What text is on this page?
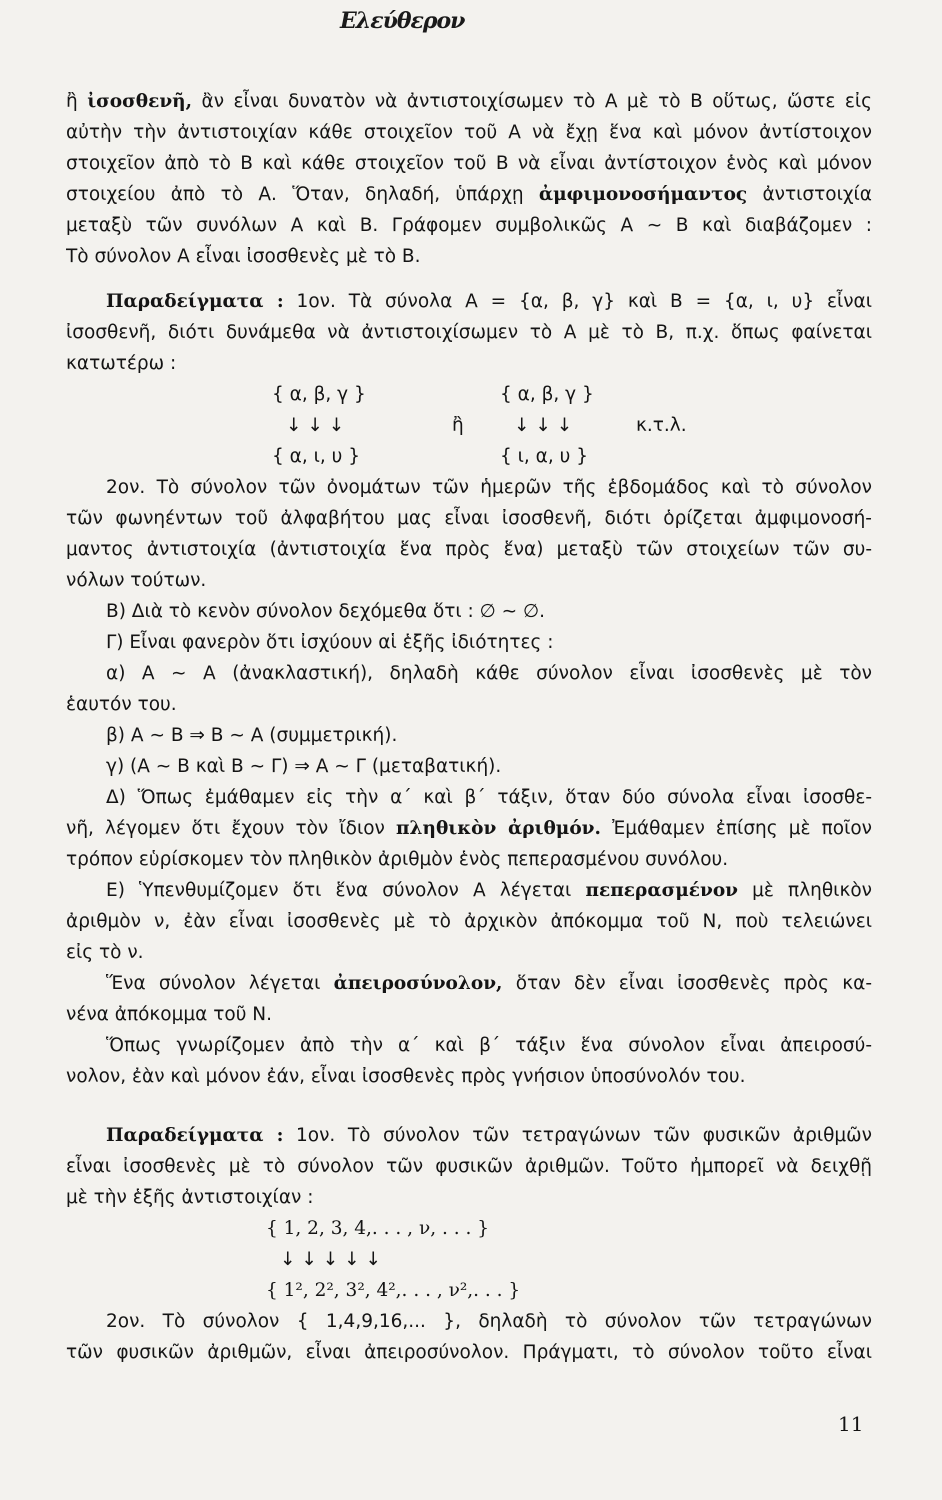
Ελεύθερον
ἢ ἰσοσθενῆ, ἂν εἶναι δυνατὸν νὰ ἀντιστοιχίσωμεν τὸ Α μὲ τὸ Β οὕτως, ὥστε εἰς
αὐτὴν τὴν ἀντιστοιχίαν κάθε στοιχεῖον τοῦ Α νὰ ἔχῃ ἕνα καὶ μόνον ἀντίστοιχον
στοιχεῖον ἀπὸ τὸ Β καὶ κάθε στοιχεῖον τοῦ Β νὰ εἶναι ἀντίστοιχον ἑνὸς καὶ μόνον
στοιχείου ἀπὸ τὸ Α. Ὅταν, δηλαδή, ὑπάρχῃ ἀμφιμονοσήμαντος ἀντιστοιχία
μεταξὺ τῶν συνόλων Α καὶ Β. Γράφομεν συμβολικῶς Α ∼ Β καὶ διαβάζομεν :
Τὸ σύνολον Α εἶναι ἰσοσθενὲς μὲ τὸ Β.
Παραδείγματα : 1ον. Τὰ σύνολα Α = {α, β, γ} καὶ Β = {α, ι, υ} εἶναι
ἰσοσθενῆ, διότι δυνάμεθα νὰ ἀντιστοιχίσωμεν τὸ Α μὲ τὸ Β, π.χ. ὅπως φαίνεται
κατωτέρω :
{ α, β, γ }	{ α, β, γ }
↓ ↓ ↓	ἢ	↓ ↓ ↓	κ.τ.λ.
{ α, ι, υ }	{ ι, α, υ }
2ον. Τὸ σύνολον τῶν ὀνομάτων τῶν ἡμερῶν τῆς ἑβδομάδος καὶ τὸ σύνολον
τῶν φωνηέντων τοῦ ἀλφαβήτου μας εἶναι ἰσοσθενῆ, διότι ὁρίζεται ἀμφιμονοσή-
μαντος ἀντιστοιχία (ἀντιστοιχία ἕνα πρὸς ἕνα) μεταξὺ τῶν στοιχείων τῶν συ-
νόλων τούτων.
Β) Διὰ τὸ κενὸν σύνολον δεχόμεθα ὅτι : ∅ ∼ ∅.
Γ) Εἶναι φανερὸν ὅτι ἰσχύουν αἱ ἑξῆς ἰδιότητες :
α) Α ∼ Α (ἀνακλαστική), δηλαδὴ κάθε σύνολον εἶναι ἰσοσθενὲς μὲ τὸν
ἑαυτόν του.
β) Α ∼ Β ⇒ Β ∼ Α (συμμετρική).
γ) (Α ∼ Β καὶ Β ∼ Γ) ⇒ Α ∼ Γ (μεταβατική).
Δ) Ὅπως ἐμάθαμεν εἰς τὴν α΄ καὶ β΄ τάξιν, ὅταν δύο σύνολα εἶναι ἰσοσθε-
νῆ, λέγομεν ὅτι ἔχουν τὸν ἴδιον πληθικὸν ἀριθμόν. Ἐμάθαμεν ἐπίσης μὲ ποῖον
τρόπον εὑρίσκομεν τὸν πληθικὸν ἀριθμὸν ἑνὸς πεπερασμένου συνόλου.
Ε) Ὑπενθυμίζομεν ὅτι ἕνα σύνολον Α λέγεται πεπερασμένον μὲ πληθικὸν
ἀριθμὸν ν, ἐὰν εἶναι ἰσοσθενὲς μὲ τὸ ἀρχικὸν ἀπόκομμα τοῦ Ν, ποὺ τελειώνει
εἰς τὸ ν.
Ἕνα σύνολον λέγεται ἀπειροσύνολον, ὅταν δὲν εἶναι ἰσοσθενὲς πρὸς κα-
νένα ἀπόκομμα τοῦ Ν.
Ὅπως γνωρίζομεν ἀπὸ τὴν α΄ καὶ β΄ τάξιν ἕνα σύνολον εἶναι ἀπειροσύ-
νολον, ἐὰν καὶ μόνον ἐάν, εἶναι ἰσοσθενὲς πρὸς γνήσιον ὑποσύνολόν του.
Παραδείγματα : 1ον. Τὸ σύνολον τῶν τετραγώνων τῶν φυσικῶν ἀριθμῶν
εἶναι ἰσοσθενὲς μὲ τὸ σύνολον τῶν φυσικῶν ἀριθμῶν. Τοῦτο ἠμπορεῖ νὰ δειχθῇ
μὲ τὴν ἑξῆς ἀντιστοιχίαν :
{ 1, 2, 3, 4,. . . , ν, . . . }
↓ ↓ ↓ ↓ ↓
{ 1², 2², 3², 4²,. . . , ν²,. . . }
2ον. Τὸ σύνολον { 1,4,9,16,... }, δηλαδὴ τὸ σύνολον τῶν τετραγώνων
τῶν φυσικῶν ἀριθμῶν, εἶναι ἀπειροσύνολον. Πράγματι, τὸ σύνολον τοῦτο εἶναι
11
